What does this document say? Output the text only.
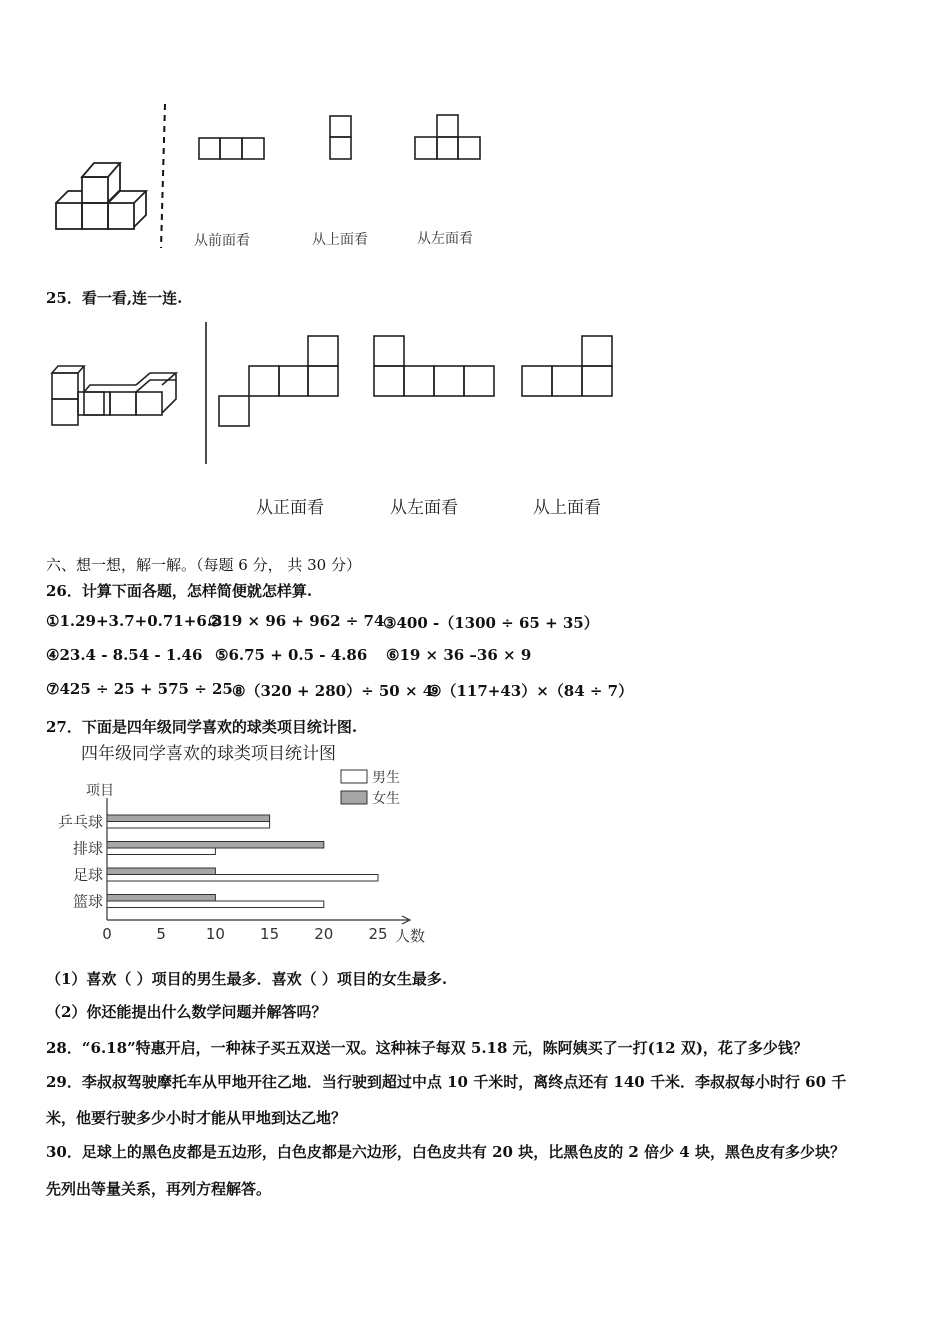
从前面看	从上面看	从左面看
25．看一看,连一连.
从正面看	从左面看	从上面看
六、想一想，解一解。（每题 6 分， 共 30 分）
26．计算下面各题，怎样简便就怎样算.
①1.29+3.7+0.71+6.3
②19 × 96 + 962 ÷ 74
③400 -（1300 ÷ 65 + 35）
④23.4 - 8.54 - 1.46 ⑤6.75 + 0.5 - 4.86 ⑥19 × 36 –36 × 9
⑦425 ÷ 25 + 575 ÷ 25 ⑧（320 + 280）÷ 50 × 4
⑨（117+43）×（84 ÷ 7）
27．下面是四年级同学喜欢的球类项目统计图.
四年级同学喜欢的球类项目统计图
项目
男生
女生
乒乓球
排球
足球
篮球
0	5	10 15 20 25 人数
（1）喜欢（ ）项目的男生最多．喜欢（ ）项目的女生最多.
（2）你还能提出什么数学问题并解答吗？
28．“6.18”特惠开启，一种袜子买五双送一双。这种袜子每双 5.18 元，陈阿姨买了一打(12 双)，花了多少钱？
29．李叔叔驾驶摩托车从甲地开往乙地．当行驶到超过中点 10 千米时，离终点还有 140 千米．李叔叔每小时行 60 千
米，他要行驶多少小时才能从甲地到达乙地？
30．足球上的黑色皮都是五边形，白色皮都是六边形，白色皮共有 20 块，比黑色皮的 2 倍少 4 块，黑色皮有多少块？
先列出等量关系，再列方程解答。
